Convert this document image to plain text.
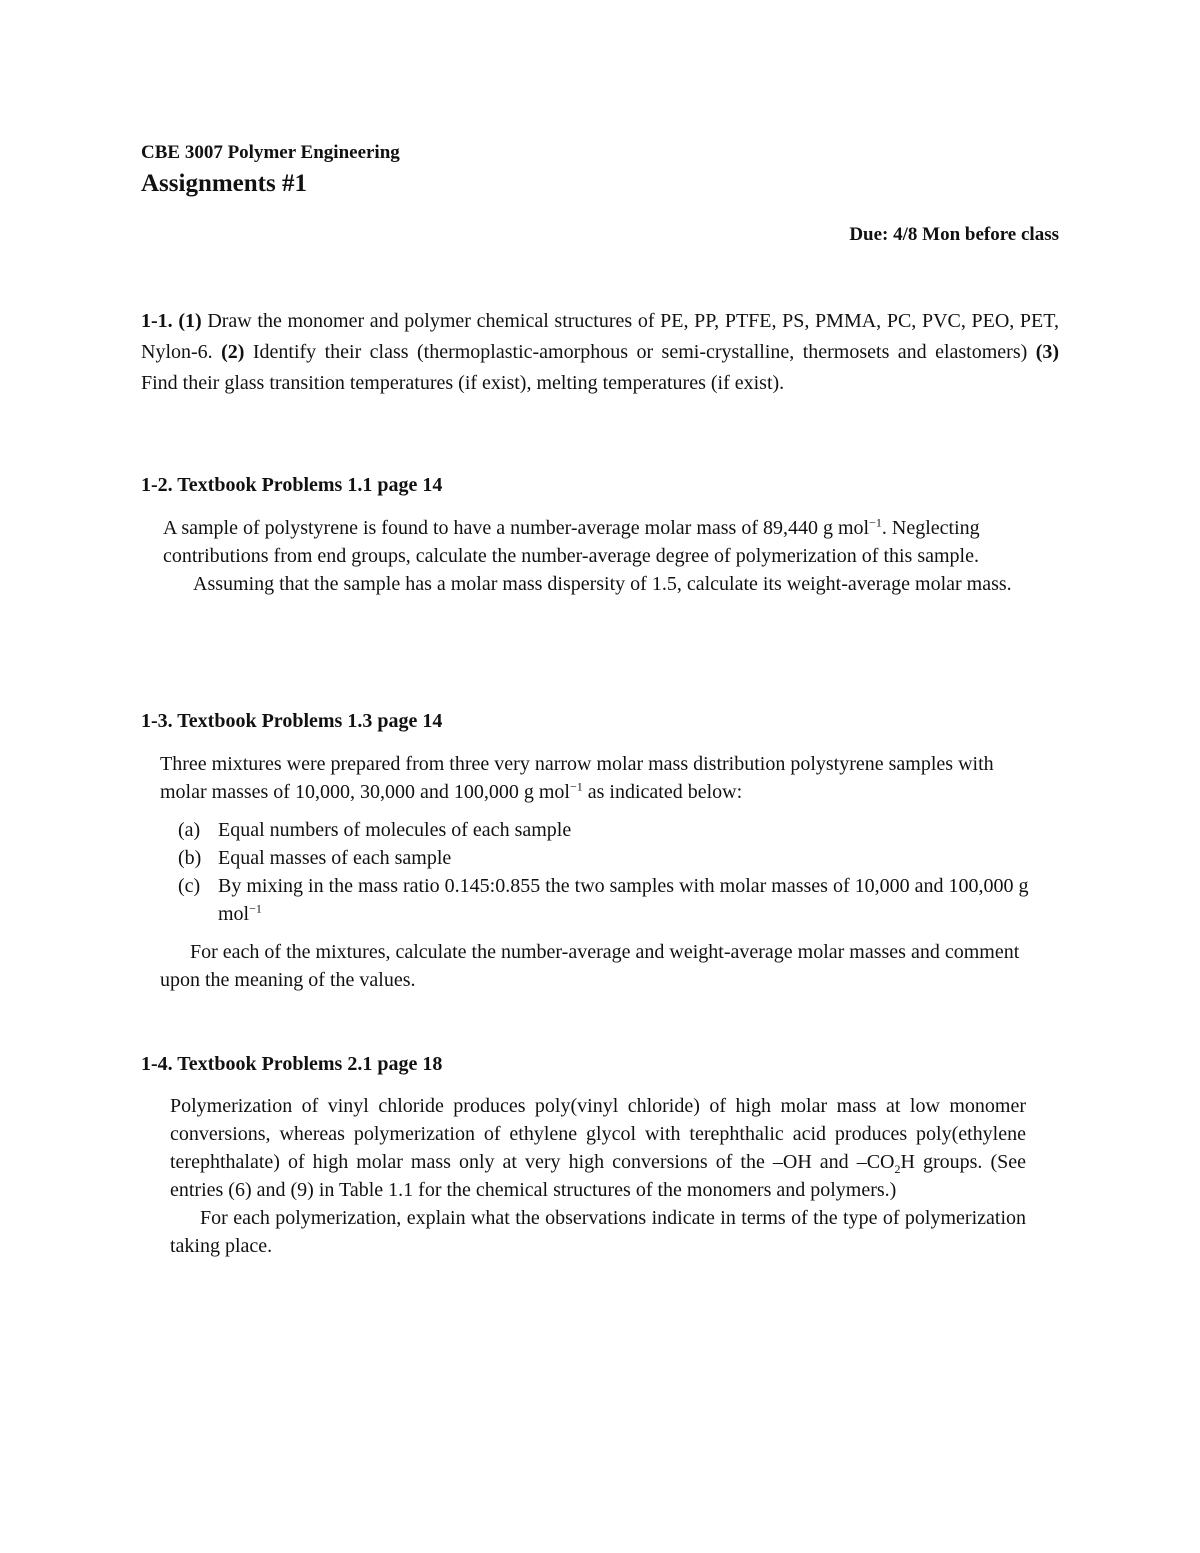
CBE 3007 Polymer Engineering
Assignments #1
Due: 4/8 Mon before class
1-1. (1) Draw the monomer and polymer chemical structures of PE, PP, PTFE, PS, PMMA, PC, PVC, PEO, PET, Nylon-6. (2) Identify their class (thermoplastic-amorphous or semi-crystalline, thermosets and elastomers) (3) Find their glass transition temperatures (if exist), melting temperatures (if exist).
1-2. Textbook Problems 1.1 page 14

A sample of polystyrene is found to have a number-average molar mass of 89,440 g mol$^{-1}$. Neglecting contributions from end groups, calculate the number-average degree of polymerization of this sample.

Assuming that the sample has a molar mass dispersity of 1.5, calculate its weight-average molar mass.

1-3. Textbook Problems 1.3 page 14

Three mixtures were prepared from three very narrow molar mass distribution polystyrene samples with molar masses of 10,000, 30,000 and 100,000 g mol$^{-1}$ as indicated below:

(a) Equal numbers of molecules of each sample
(b) Equal masses of each sample
(c) By mixing in the mass ratio 0.145:0.855 the two samples with molar masses of 10,000 and 100,000 g mol$^{-1}$

For each of the mixtures, calculate the number-average and weight-average molar masses and comment upon the meaning of the values.

1-4. Textbook Problems 2.1 page 18

Polymerization of vinyl chloride produces poly(vinyl chloride) of high molar mass at low monomer conversions, whereas polymerization of ethylene glycol with terephthalic acid produces poly(ethylene terephthalate) of high molar mass only at very high conversions of the –OH and $-CO_2H$ groups. (See entries (6) and (9) in Table 1.1 for the chemical structures of the monomers and polymers.)

For each polymerization, explain what the observations indicate in terms of the type of polymerization taking place.
